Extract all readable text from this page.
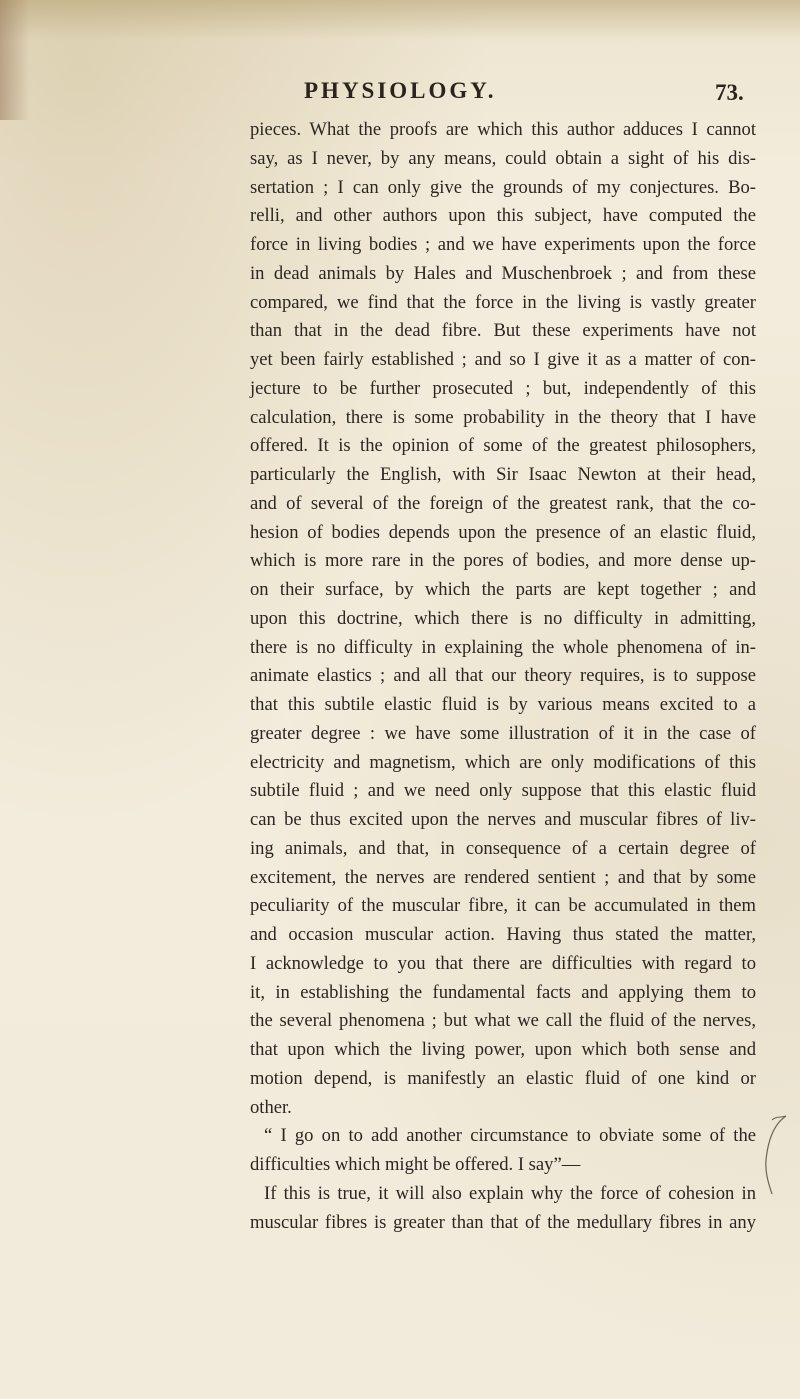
PHYSIOLOGY.	73.
pieces. What the proofs are which this author adduces I cannot
say, as I never, by any means, could obtain a sight of his dis-
sertation ; I can only give the grounds of my conjectures. Bo-
relli, and other authors upon this subject, have computed the
force in living bodies ; and we have experiments upon the force
in dead animals by Hales and Muschenbroek ; and from these
compared, we find that the force in the living is vastly greater
than that in the dead fibre. But these experiments have not
yet been fairly established ; and so I give it as a matter of con-
jecture to be further prosecuted ; but, independently of this
calculation, there is some probability in the theory that I have
offered. It is the opinion of some of the greatest philosophers,
particularly the English, with Sir Isaac Newton at their head,
and of several of the foreign of the greatest rank, that the co-
hesion of bodies depends upon the presence of an elastic fluid,
which is more rare in the pores of bodies, and more dense up-
on their surface, by which the parts are kept together ; and
upon this doctrine, which there is no difficulty in admitting,
there is no difficulty in explaining the whole phenomena of in-
animate elastics ; and all that our theory requires, is to suppose
that this subtile elastic fluid is by various means excited to a
greater degree : we have some illustration of it in the case of
electricity and magnetism, which are only modifications of this
subtile fluid ; and we need only suppose that this elastic fluid
can be thus excited upon the nerves and muscular fibres of liv-
ing animals, and that, in consequence of a certain degree of
excitement, the nerves are rendered sentient ; and that by some
peculiarity of the muscular fibre, it can be accumulated in them
and occasion muscular action. Having thus stated the matter,
I acknowledge to you that there are difficulties with regard to
it, in establishing the fundamental facts and applying them to
the several phenomena ; but what we call the fluid of the nerves,
that upon which the living power, upon which both sense and
motion depend, is manifestly an elastic fluid of one kind or
other.
“ I go on to add another circumstance to obviate some of the
difficulties which might be offered. I say”—
If this is true, it will also explain why the force of cohesion in
muscular fibres is greater than that of the medullary fibres in any
